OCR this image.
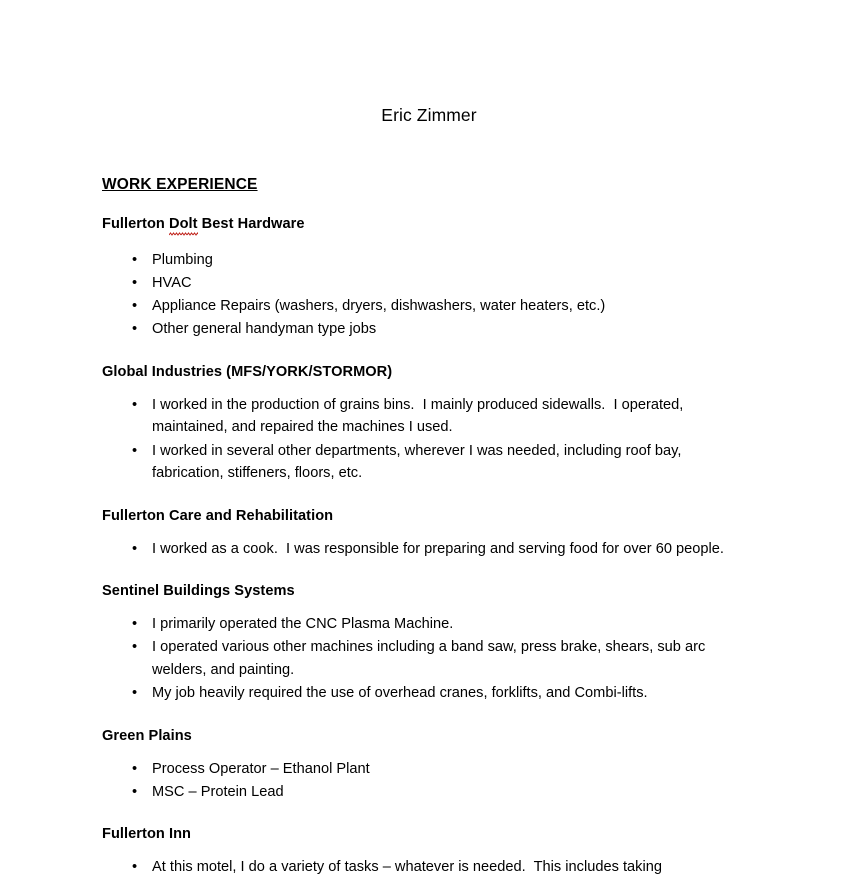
Eric Zimmer
WORK EXPERIENCE
Fullerton Dolt Best Hardware
• Plumbing
• HVAC
• Appliance Repairs (washers, dryers, dishwashers, water heaters, etc.)
• Other general handyman type jobs
Global Industries (MFS/YORK/STORMOR)
• I worked in the production of grains bins.  I mainly produced sidewalls.  I operated, maintained, and repaired the machines I used.
• I worked in several other departments, wherever I was needed, including roof bay, fabrication, stiffeners, floors, etc.
Fullerton Care and Rehabilitation
• I worked as a cook.  I was responsible for preparing and serving food for over 60 people.
Sentinel Buildings Systems
• I primarily operated the CNC Plasma Machine.
• I operated various other machines including a band saw, press brake, shears, sub arc welders, and painting.
• My job heavily required the use of overhead cranes, forklifts, and Combi-lifts.
Green Plains
• Process Operator – Ethanol Plant
• MSC – Protein Lead
Fullerton Inn
• At this motel, I do a variety of tasks – whatever is needed.  This includes taking
